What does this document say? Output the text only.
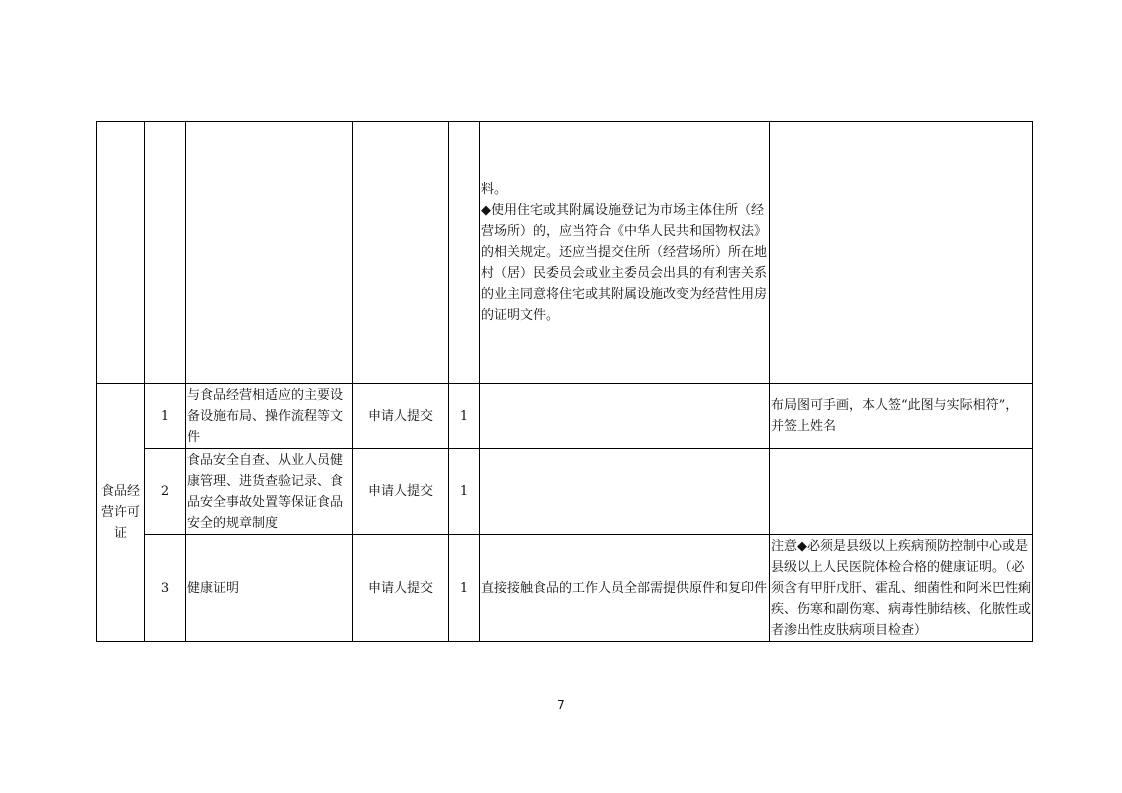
					料。
◆使用住宅或其附属设施登记为市场主体住所（经营场所）的，应当符合《中华人民共和国物权法》的相关规定。还应当提交住所（经营场所）所在地村（居）民委员会或业主委员会出具的有利害关系的业主同意将住宅或其附属设施改变为经营性用房的证明文件。	

食品经营许可证	1	与食品经营相适应的主要设备设施布局、操作流程等文件	申请人提交	1		布局图可手画，本人签“此图与实际相符”，并签上姓名
	2	食品安全自查、从业人员健康管理、进货查验记录、食品安全事故处置等保证食品安全的规章制度	申请人提交	1		
	3	健康证明	申请人提交	1	直接接触食品的工作人员全部需提供原件和复印件	注意◆必须是县级以上疾病预防控制中心或是县级以上人民医院体检合格的健康证明。（必须含有甲肝戊肝、霍乱、细菌性和阿米巴性痢疾、伤寒和副伤寒、病毒性肺结核、化脓性或者渗出性皮肤病项目检查）
7
